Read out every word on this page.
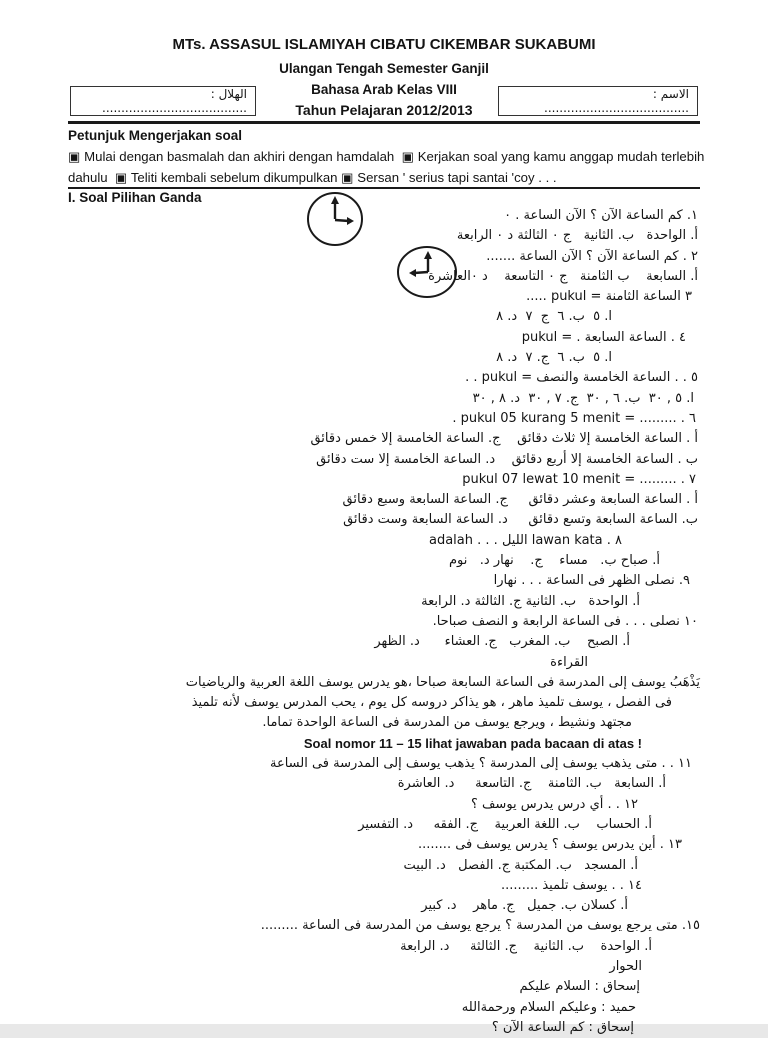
MTs. ASSASUL ISLAMIYAH CIBATU CIKEMBAR SUKABUMI
Ulangan Tengah Semester Ganjil
Bahasa Arab Kelas VIII
Tahun Pelajaran 2012/2013
الهلال : ......................................
الاسم : ......................................
Petunjuk Mengerjakan soal
▣ Mulai dengan basmalah dan akhiri dengan hamdalah  ▣ Kerjakan soal yang kamu anggap mudah terlebih
dahulu  ▣ Teliti kembali sebelum dikumpulkan ▣ Sersan ' serius tapi santai 'coy . . .
I. Soal Pilihan Ganda
١. كم الساعة الآن ؟ الآن الساعة . ٠
أ. الواحدة   ب. الثانية   ج ٠ الثالثة د ٠ الرابعة
٢ . كم الساعة الآن ؟ الآن الساعة .......
أ. السابعة    ب الثامنة   ج ٠ التاسعة    د ٠العاشرة
٣ الساعة الثامنة = pukul .....
ا. ٥  ب. ٦  ج  ٧  د. ٨
٤ . الساعة السابعة . = pukul
ا. ٥  ب. ٦  ج. ٧  د. ٨
٥ . . الساعة الخامسة والنصف = pukul . .
ا. ٥ , ٣٠  ب. ٦ , ٣٠  ج. ٧ , ٣٠  د. ٨ , ٣٠
٦ . ......... = pukul 05 kurang 5 menit .
أ . الساعة الخامسة إلا ثلاث دقائق    ج. الساعة الخامسة إلا خمس دقائق
ب . الساعة الخامسة إلا أربع دقائق    د. الساعة الخامسة إلا ست دقائق
٧ . ......... = pukul 07 lewat 10 menit
أ . الساعة السابعة وعشر دقائق     ج. الساعة السابعة وسبع دقائق
ب. الساعة السابعة وتسع دقائق     د. الساعة السابعة وست دقائق
٨ . lawan kata الليل . . . adalah
أ. صباح ب.   مساء    ج.    نهار د.   نوم
٩. نصلى الظهر فى الساعة . . . نهارا
أ. الواحدة   ب. الثانية ج. الثالثة د. الرابعة
١٠ نصلى . . . فى الساعة الرابعة و النصف صباحا.
أ. الصبح    ب. المغرب   ج. العشاء      د. الظهر
القراءة
يَذْهَبُ يوسف إلى المدرسة فى الساعة السابعة صباحا ،هو يدرس يوسف اللغة العربية والرياضيات
فى الفصل ، يوسف تلميذ ماهر ، هو يذاكر دروسه كل يوم ، يحب المدرس يوسف لأنه تلميذ
مجتهد ونشيط ، ويرجع يوسف من المدرسة فى الساعة الواحدة تماما.
Soal nomor 11 – 15 lihat jawaban pada bacaan di atas !
١١ . . متى يذهب يوسف إلى المدرسة ؟ يذهب يوسف إلى المدرسة فى الساعة
أ. السابعة   ب. الثامنة    ج. التاسعة     د. العاشرة
١٢ . . أي درس يدرس يوسف ؟
أ. الحساب    ب. اللغة العربية    ج. الفقه     د. التفسير
١٣ . أين يدرس يوسف ؟ يدرس يوسف فى ........
أ. المسجد   ب. المكتبة ج. الفصل   د. البيت
١٤ . . يوسف تلميذ .........
أ. كسلان ب. جميل   ج. ماهر    د. كبير
١٥. متى يرجع يوسف من المدرسة ؟ يرجع يوسف من المدرسة فى الساعة .........
أ. الواحدة    ب. الثانية    ج. الثالثة     د. الرابعة
الحوار
إسحاق : السلام عليكم
حميد : وعليكم السلام ورحمةالله
إسحاق : كم الساعة الآن ؟
